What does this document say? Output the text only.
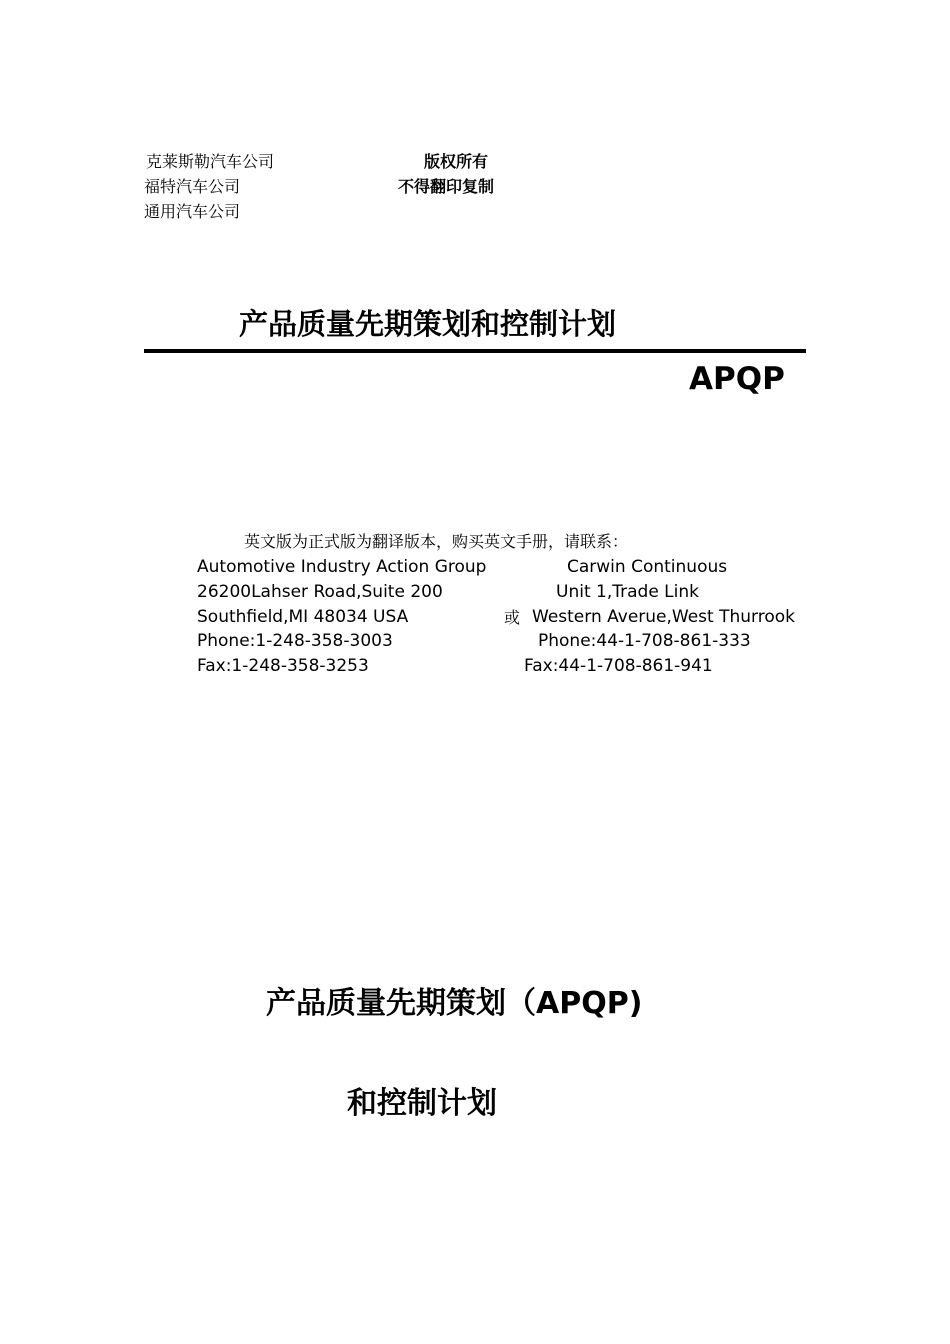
克莱斯勒汽车公司
福特汽车公司
通用汽车公司
版权所有
不得翻印复制
产品质量先期策划和控制计划
APQP
英文版为正式版为翻译版本，购买英文手册，请联系：
Automotive Industry Action Group
26200Lahser Road,Suite 200
Southfield,MI 48034 USA
Phone:1-248-358-3003
Fax:1-248-358-3253
或
Carwin Continuous
Unit 1,Trade Link
Western Averue,West Thurrook
Phone:44-1-708-861-333
Fax:44-1-708-861-941
产品质量先期策划（APQP)
和控制计划
